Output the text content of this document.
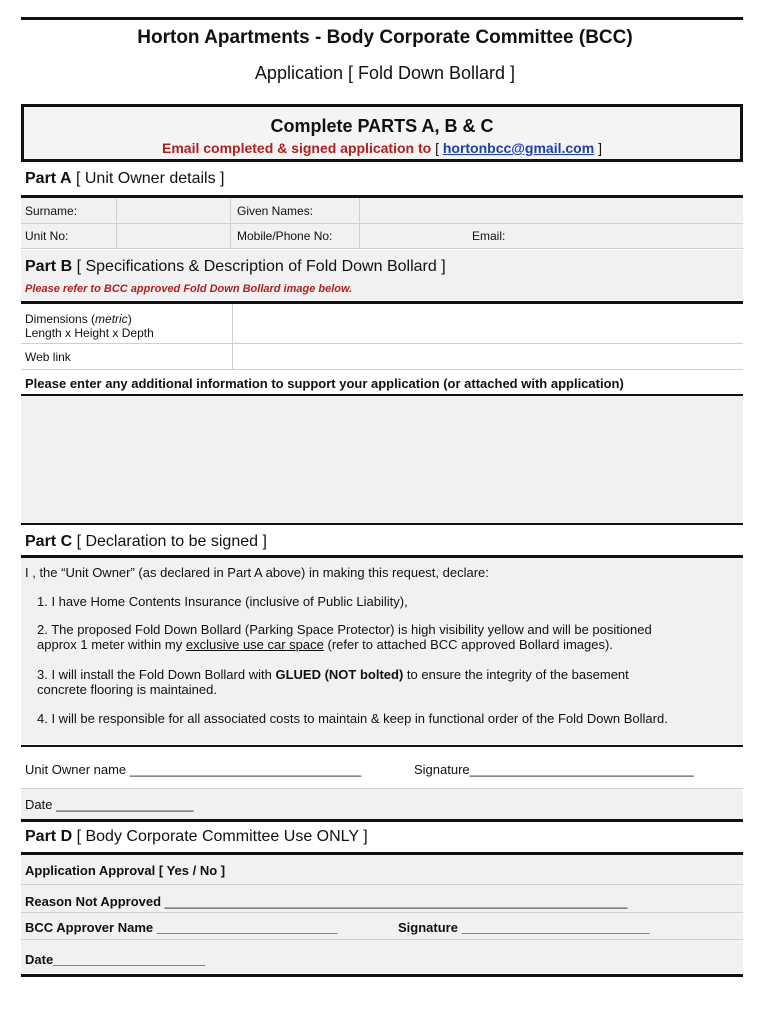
Horton Apartments - Body Corporate Committee (BCC)
Application [ Fold Down Bollard ]
Complete PARTS A, B & C
Email completed & signed application to [ hortonbcc@gmail.com ]
Part A [ Unit Owner details ]
Surname:	Given Names:
Unit No:	Mobile/Phone No:	Email:
Part B [ Specifications & Description of Fold Down Bollard ]
Please refer to BCC approved Fold Down Bollard image below.
Dimensions (metric)
Length x Height x Depth
Web link
Please enter any additional information to support your application (or attached with application)
Part C [ Declaration to be signed ]
I , the “Unit Owner” (as declared in Part A above) in making this request, declare:
1. I have Home Contents Insurance (inclusive of Public Liability),
2. The proposed Fold Down Bollard (Parking Space Protector) is high visibility yellow and will be positioned
approx 1 meter within my exclusive use car space (refer to attached BCC approved Bollard images).
3. I will install the Fold Down Bollard with GLUED (NOT bolted) to ensure the integrity of the basement
concrete flooring is maintained.
4. I will be responsible for all associated costs to maintain & keep in functional order of the Fold Down Bollard.
Unit Owner name ________________________________	Signature_______________________________
Date ___________________
Part D [ Body Corporate Committee Use ONLY ]
Application Approval [ Yes / No ]
Reason Not Approved ________________________________________________________________
BCC Approver Name _________________________	Signature __________________________
Date_____________________
